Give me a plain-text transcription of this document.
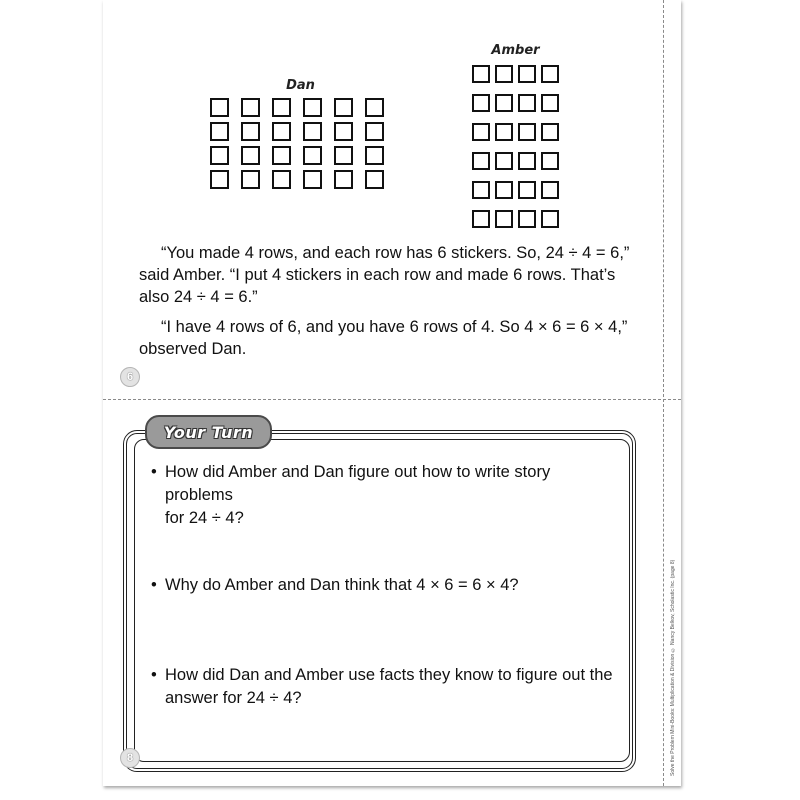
Dan
Amber
“You made 4 rows, and each row has 6 stickers. So, 24 ÷ 4 = 6,”
said Amber. “I put 4 stickers in each row and made 6 rows. That’s
also 24 ÷ 4 = 6.”
“I have 4 rows of 6, and you have 6 rows of 4. So 4 × 6 = 6 × 4,”
observed Dan.
6
Your Turn
• How did Amber and Dan figure out how to write story problems
for 24 ÷ 4?
• Why do Amber and Dan think that 4 × 6 = 6 × 4?
• How did Dan and Amber use facts they know to figure out the
answer for 24 ÷ 4?
8	Solve the Problem Mini-Books: Multiplication & Division © Nancy Belkov, Scholastic Inc. (page 8)
